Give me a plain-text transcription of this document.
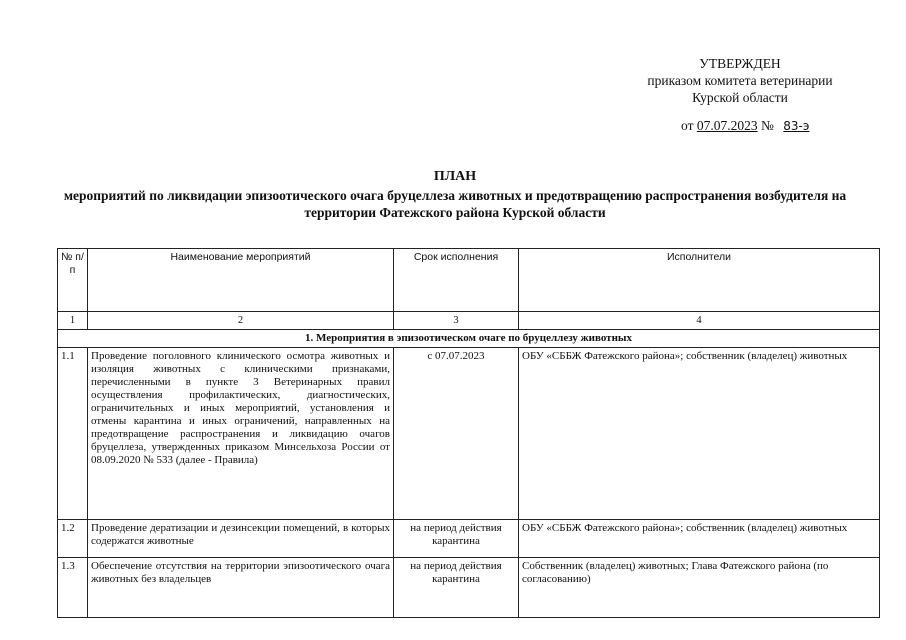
УТВЕРЖДЕН
приказом комитета ветеринарии
Курской области
от 07.07.2023 № 83-э
ПЛАН
мероприятий по ликвидации эпизоотического очага бруцеллеза животных и предотвращению распространения возбудителя на территории Фатежского района Курской области
№ п/п	Наименование мероприятий	Срок исполнения	Исполнители
1	2	3	4
1. Мероприятия в эпизоотическом очаге по бруцеллезу животных			
1.1	Проведение поголовного клинического осмотра животных и изоляция животных с клиническими признаками, перечисленными в пункте 3 Ветеринарных правил осуществления профилактических, диагностических, ограничительных и иных мероприятий, установления и отмены карантина и иных ограничений, направленных на предотвращение распространения и ликвидацию очагов бруцеллеза, утвержденных приказом Минсельхоза России от 08.09.2020 № 533 (далее - Правила)	с 07.07.2023	ОБУ «СББЖ Фатежского района»; собственник (владелец) животных
1.2	Проведение дератизации и дезинсекции помещений, в которых содержатся животные	на период действия карантина	ОБУ «СББЖ Фатежского района»; собственник (владелец) животных
1.3	Обеспечение отсутствия на территории эпизоотического очага животных без владельцев	на период действия карантина	Собственник (владелец) животных; Глава Фатежского района (по согласованию)
